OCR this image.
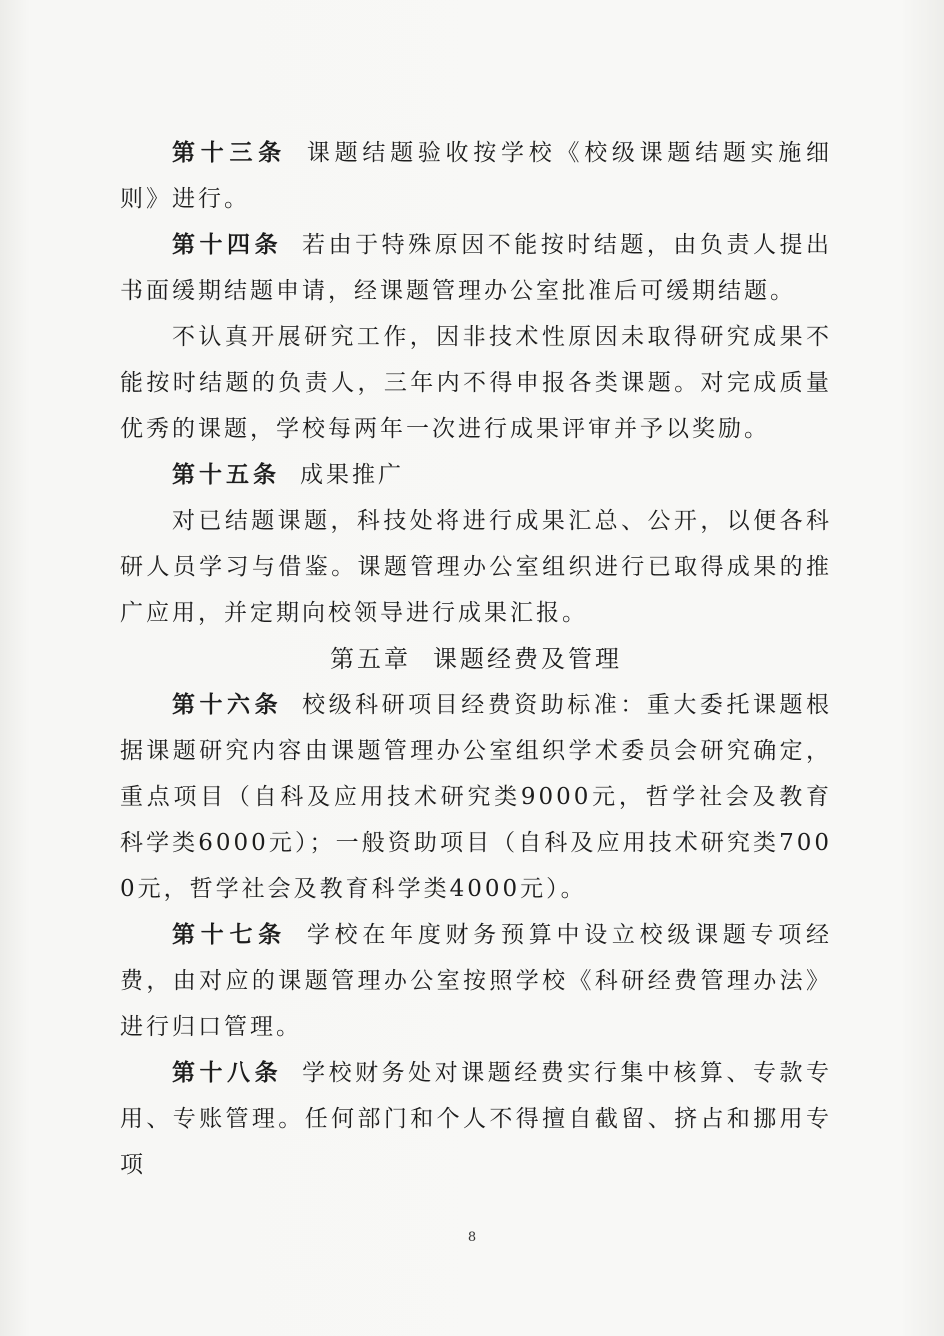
第十三条 课题结题验收按学校《校级课题结题实施细则》进行。

第十四条 若由于特殊原因不能按时结题，由负责人提出书面缓期结题申请，经课题管理办公室批准后可缓期结题。

不认真开展研究工作，因非技术性原因未取得研究成果不能按时结题的负责人，三年内不得申报各类课题。对完成质量优秀的课题，学校每两年一次进行成果评审并予以奖励。

第十五条 成果推广

对已结题课题，科技处将进行成果汇总、公开，以便各科研人员学习与借鉴。课题管理办公室组织进行已取得成果的推广应用，并定期向校领导进行成果汇报。

第五章 课题经费及管理

第十六条 校级科研项目经费资助标准：重大委托课题根据课题研究内容由课题管理办公室组织学术委员会研究确定，重点项目（自科及应用技术研究类9000元，哲学社会及教育科学类6000元）；一般资助项目（自科及应用技术研究类7000元，哲学社会及教育科学类4000元）。

第十七条 学校在年度财务预算中设立校级课题专项经费，由对应的课题管理办公室按照学校《科研经费管理办法》进行归口管理。

第十八条 学校财务处对课题经费实行集中核算、专款专用、专账管理。任何部门和个人不得擅自截留、挤占和挪用专项

8
